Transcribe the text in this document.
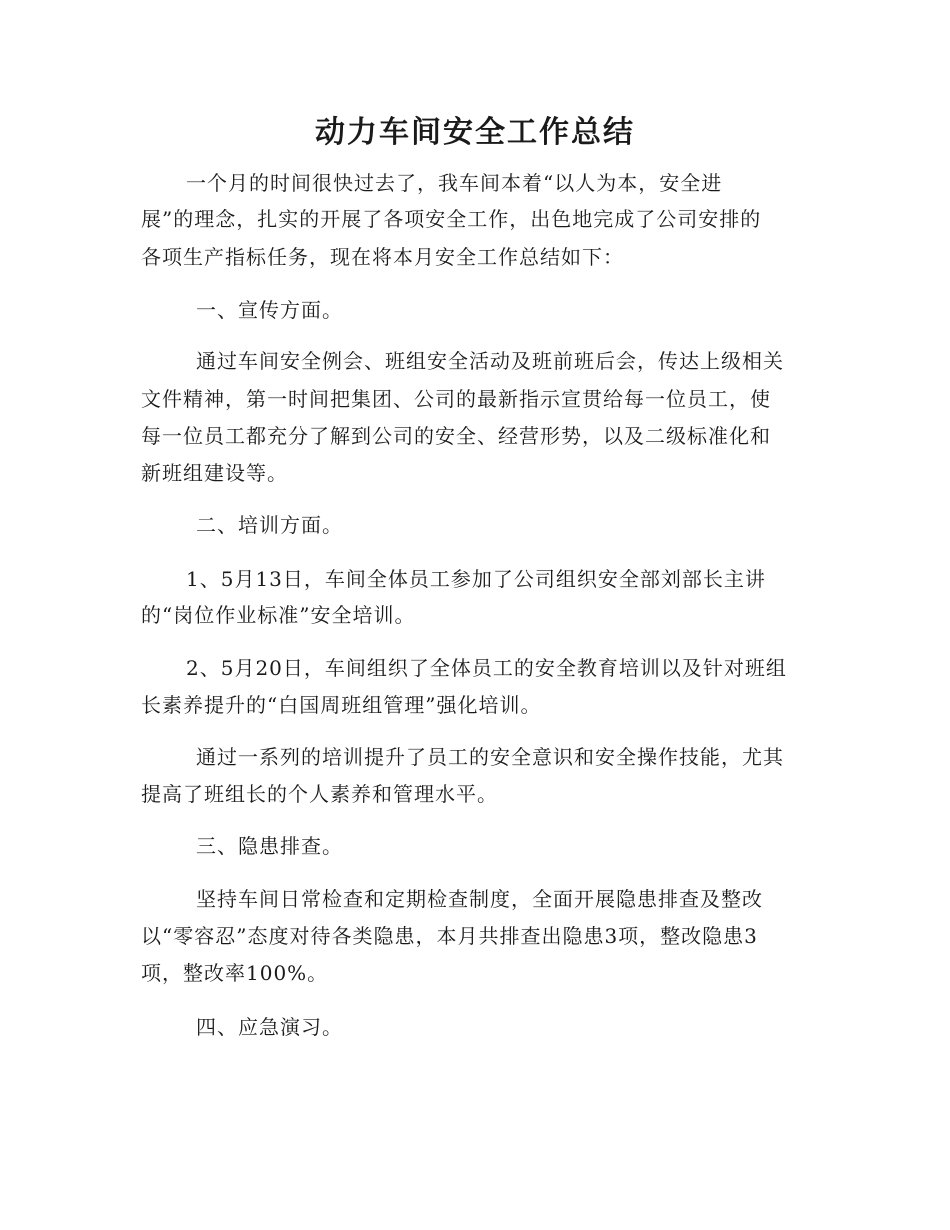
动力车间安全工作总结
一个月的时间很快过去了，我车间本着“以人为本，安全进
展”的理念，扎实的开展了各项安全工作，出色地完成了公司安排的
各项生产指标任务，现在将本月安全工作总结如下：
一、宣传方面。
通过车间安全例会、班组安全活动及班前班后会，传达上级相关
文件精神，第一时间把集团、公司的最新指示宣贯给每一位员工，使
每一位员工都充分了解到公司的安全、经营形势，以及二级标准化和
新班组建设等。
二、培训方面。
1、5月13日，车间全体员工参加了公司组织安全部刘部长主讲
的“岗位作业标准”安全培训。
2、5月20日，车间组织了全体员工的安全教育培训以及针对班组
长素养提升的“白国周班组管理”强化培训。
通过一系列的培训提升了员工的安全意识和安全操作技能，尤其
提高了班组长的个人素养和管理水平。
三、隐患排查。
坚持车间日常检查和定期检查制度，全面开展隐患排查及整改
以“零容忍”态度对待各类隐患，本月共排查出隐患3项，整改隐患3
项，整改率100%。
四、应急演习。
